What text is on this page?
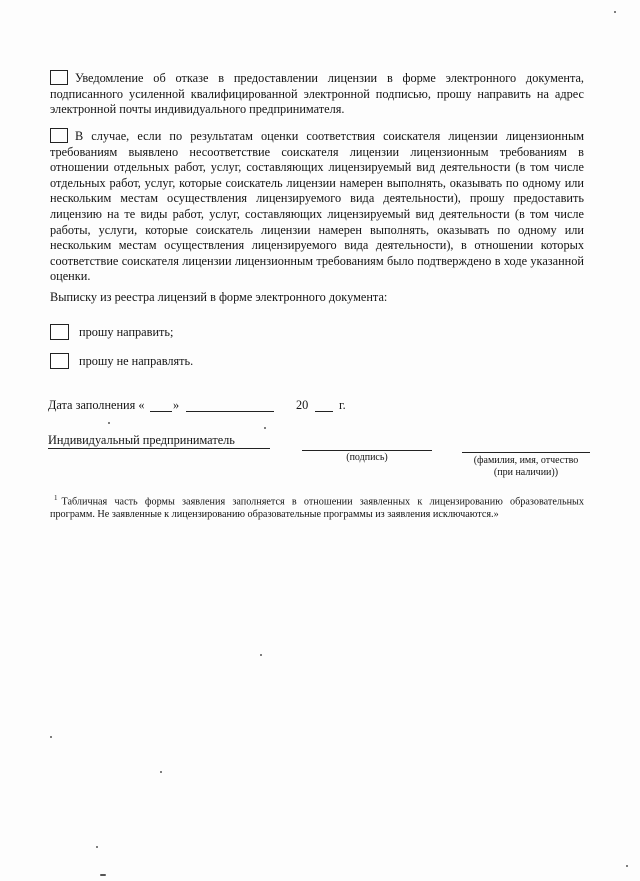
Уведомление об отказе в предоставлении лицензии в форме электронного документа, подписанного усиленной квалифицированной электронной подписью, прошу направить на адрес электронной почты индивидуального предпринимателя.
В случае, если по результатам оценки соответствия соискателя лицензии лицензионным требованиям выявлено несоответствие соискателя лицензии лицензионным требованиям в отношении отдельных работ, услуг, составляющих лицензируемый вид деятельности (в том числе отдельных работ, услуг, которые соискатель лицензии намерен выполнять, оказывать по одному или нескольким местам осуществления лицензируемого вида деятельности), прошу предоставить лицензию на те виды работ, услуг, составляющих лицензируемый вид деятельности (в том числе работы, услуги, которые соискатель лицензии намерен выполнять, оказывать по одному или нескольким местам осуществления лицензируемого вида деятельности), в отношении которых соответствие соискателя лицензии лицензионным требованиям было подтверждено в ходе указанной оценки.
Выписку из реестра лицензий в форме электронного документа:
прошу направить;
прошу не направлять.
Дата заполнения « »	20 г.
Индивидуальный предприниматель
(подпись)	(фамилия, имя, отчество
(при наличии))
$^1$ Табличная часть формы заявления заполняется в отношении заявленных к лицензированию образовательных программ. Не заявленные к лицензированию образовательные программы из заявления исключаются.»
